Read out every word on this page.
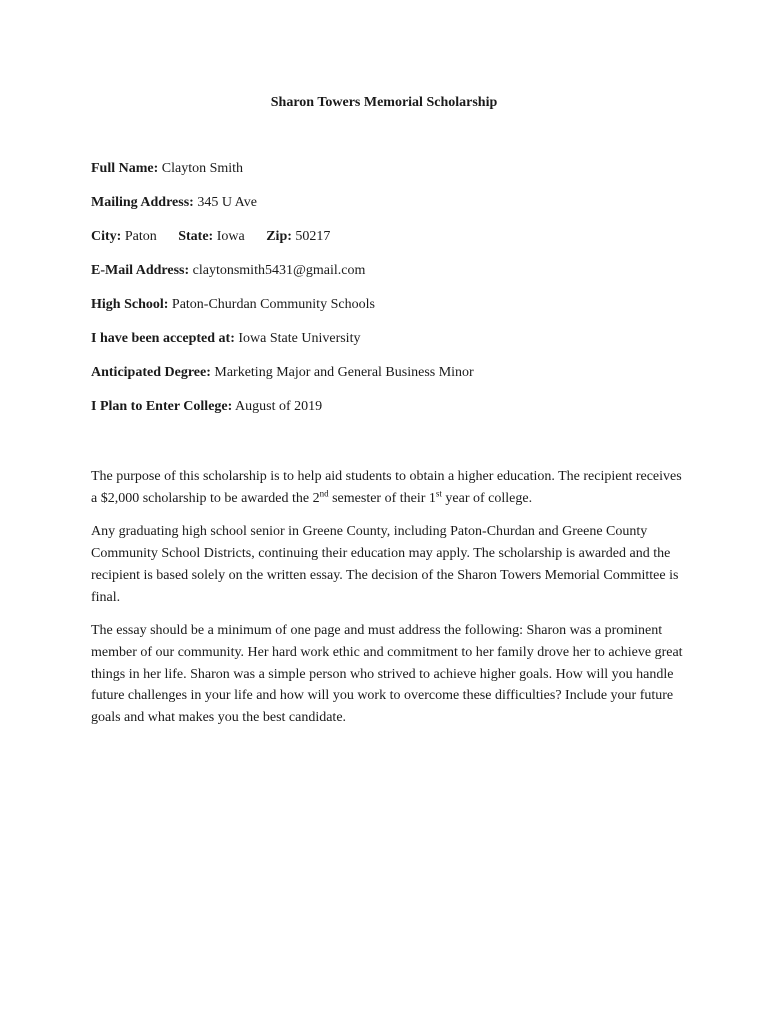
Sharon Towers Memorial Scholarship
Full Name: Clayton Smith
Mailing Address: 345 U Ave
City: Paton State: Iowa Zip: 50217
E-Mail Address: claytonsmith5431@gmail.com
High School: Paton-Churdan Community Schools
I have been accepted at: Iowa State University
Anticipated Degree: Marketing Major and General Business Minor
I Plan to Enter College: August of 2019

The purpose of this scholarship is to help aid students to obtain a higher education. The recipient receives a $2,000 scholarship to be awarded the 2nd semester of their 1st year of college.

Any graduating high school senior in Greene County, including Paton-Churdan and Greene County Community School Districts, continuing their education may apply. The scholarship is awarded and the recipient is based solely on the written essay. The decision of the Sharon Towers Memorial Committee is final.

The essay should be a minimum of one page and must address the following: Sharon was a prominent member of our community. Her hard work ethic and commitment to her family drove her to achieve great things in her life. Sharon was a simple person who strived to achieve higher goals. How will you handle future challenges in your life and how will you work to overcome these difficulties? Include your future goals and what makes you the best candidate.
